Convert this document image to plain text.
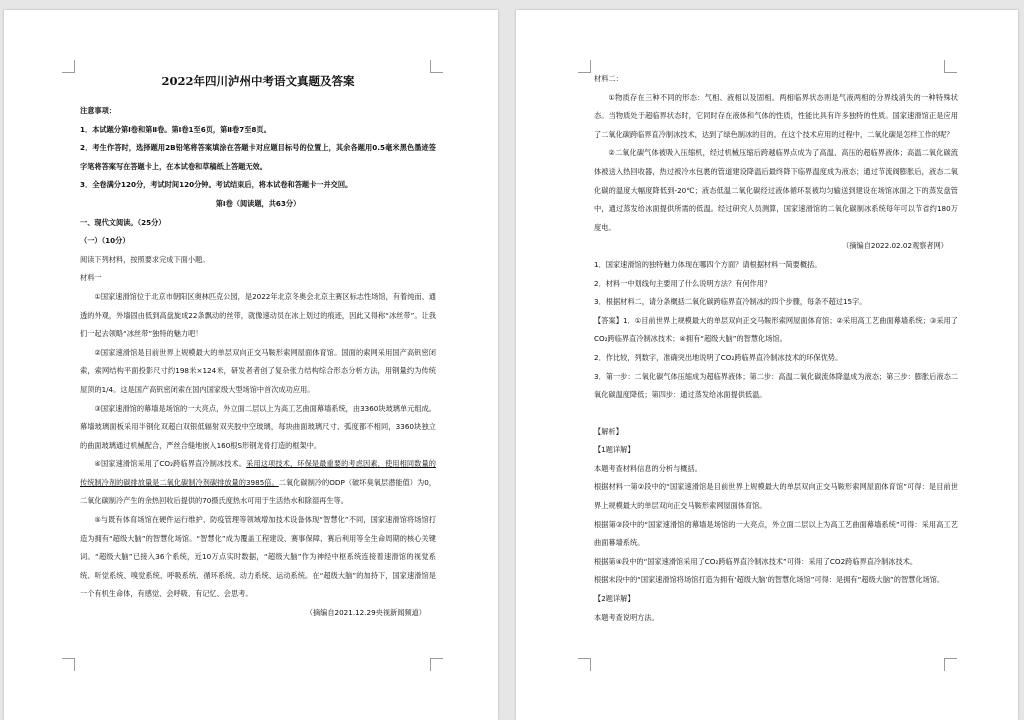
2022年四川泸州中考语文真题及答案

注意事项：

1．本试题分第Ⅰ卷和第Ⅱ卷。第Ⅰ卷1至6页，第Ⅱ卷7至8页。

2．考生作答时，选择题用2B铅笔将答案填涂在答题卡对应题目标号的位置上，其余各题用0.5毫米黑色墨迹签字笔将答案写在答题卡上，在本试卷和草稿纸上答题无效。

3．全卷满分120分，考试时间120分钟。考试结束后，将本试卷和答题卡一并交回。

第Ⅰ卷（阅读题，共63分）

一、现代文阅读。（25分）

（一）（10分）

阅读下列材料，按照要求完成下面小题。

材料一

①国家速滑馆位于北京市朝阳区奥林匹克公园，是2022年北京冬奥会北京主赛区标志性场馆，有着纯而、通透的外观，外墙固由低到高盘旋成22条飘动的丝带，就像速动员在冰上划过的痕迹，因此又得称“冰丝带”。让我们一起去领略“冰丝带”独特的魅力吧！

②国家速滑馆是目前世界上规模最大的单层双向正交马鞍形索网屋面体育馆。国面的索网采用国产高钒密闭索，索网结构平面投影尺寸约198米×124米，研发者者创了复杂张力结构综合形态分析方法，用钢量约为传统屋顶的1/4。这是国产高钒密闭索在国内国家级大型场馆中首次成功应用。

③国家速滑馆的幕墙是场馆的一大亮点，外立面二层以上为高工艺曲面幕墙系统，由3360块玻璃单元组成。幕墙玻璃面板采用半钢化双超白双银低辐射双夹胶中空玻璃，每块曲面玻璃尺寸、弧度都不相同，3360块独立的曲面玻璃通过机械配合，严丝合缝地嵌入160根S形钢龙骨打造的框架中。

④国家速滑馆采用了CO₂跨临界直冷制冰技术。采用这项技术，环保是最重要的考虑因素，使用相同数量的传统制冷剂的碳排放量是二氧化碳制冷剂碳排放量的3985倍。二氧化碳制冷的ODP（破坏臭氧层潜能值）为0，二氧化碳制冷产生的余热回收后提供的70摄氏度热水可用于生活热水和除湿再生等。

⑤与既有体育场馆在硬件运行维护、防疫管理等领域增加技术设备体现“智慧化”不同，国家速滑馆将场馆打造为拥有“超级大脑”的智慧化场馆。“智慧化”成为覆盖工程建设、赛事保障、赛后利用等全生命周期的核心关键词。“超级大脑”已接入36个系统，近10万点实时数据，“超级大脑”作为神经中枢系统连接着速滑馆的视觉系统、听觉系统、嗅觉系统、呼吸系统、循环系统、动力系统、运动系统。在“超级大脑”的加持下，国家速滑馆是一个有机生命体，有感觉、会呼吸、有记忆、会思考。

（摘编自2021.12.29央视新闻频道）

材料二：

①物质存在三种不同的形态：气相、液相以及固相。两相临界状态则是气液两相的分界线消失的一种特殊状态。当物质处于超临界状态时，它同时存在液体和气体的性质，性能比具有许多独特的性质。国家速滑馆正是应用了二氧化碳跨临界直冷制冰技术，达到了绿色制冰的目的。在这个技术应用的过程中，二氧化碳是怎样工作的呢？

②二氧化碳气体被吸入压缩机，经过机械压缩后跨越临界点成为了高温、高压的超临界液体；高温二氧化碳流体被送入热回收器，热过被冷水包裹的管道建设降温后最终降下临界温度成为液态；通过节流阀膨胀后，液态二氧化碳的温度大幅度降低到-20℃；液态低温二氧化碳经过液体循环泵被均匀输送到建设在场馆冰面之下的蒸发盘管中，通过蒸发给冰面提供所需的低温。经过研究人员测算，国家速滑馆的二氧化碳制冰系统每年可以节省约180万度电。

（摘编自2022.02.02观察者网）

1．国家速滑馆的独特魅力体现在哪四个方面？请根据材料一简要概括。

2．材料一中划线句主要用了什么说明方法？有何作用？

3．根据材料二，请分条概括二氧化碳跨临界直冷制冰的四个步骤，每条不超过15字。

【答案】1．①目前世界上规模最大的单层双向正交马鞍形索网屋面体育馆；②采用高工艺曲面幕墙系统；③采用了CO₂跨临界直冷制冰技术；④拥有“超级大脑”的智慧化场馆。

2．作比较，列数字，准确突出地说明了CO₂跨临界直冷制冰技术的环保优势。

3．第一步：二氧化碳气体压缩成为超临界液体；第二步：高温二氧化碳流体降温成为液态；第三步：膨胀后液态二氧化碳温度降低；第四步：通过蒸发给冰面提供低温。

【解析】

【1题详解】

本题考查材料信息的分析与概括。

根据材料一第②段中的“国家速滑馆是目前世界上规模最大的单层双向正交马鞍形索网屋面体育馆”可得：是目前世界上规模最大的单层双向正交马鞍形索网屋面体育馆。

根据第③段中的“国家速滑馆的幕墙是场馆的一大亮点，外立面二层以上为高工艺曲面幕墙系统”可得：采用高工艺曲面幕墙系统。

根据第④段中的“国家速滑馆采用了CO₂跨临界直冷制冰技术”可得：采用了CO2跨临界直冷制冰技术。

根据末段中的“国家速滑馆将场馆打造为拥有‘超级大脑’的智慧化场馆”可得：是拥有“超级大脑”的智慧化场馆。

【2题详解】

本题考查说明方法。
